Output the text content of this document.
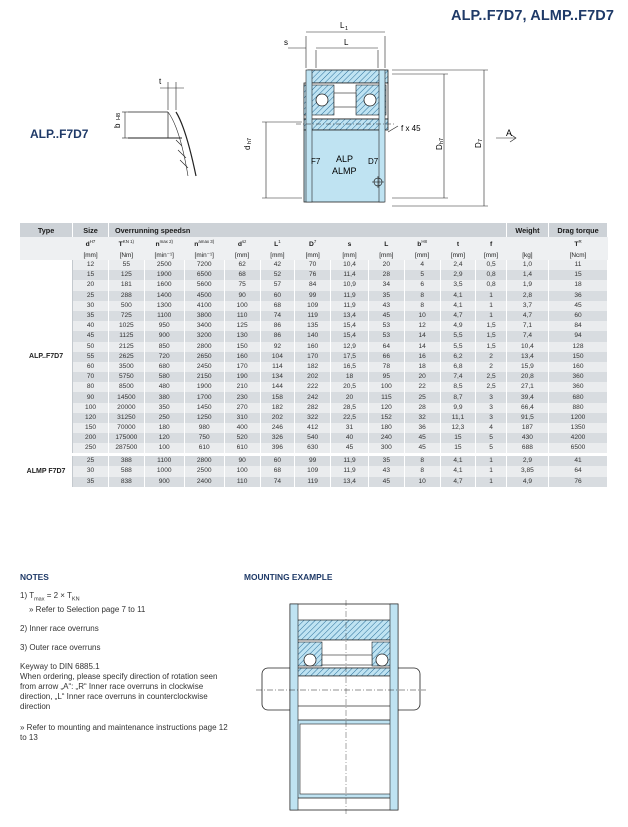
ALP..F7D7, ALMP..F7D7
t
b
H8
ALP
ALMP
F7	D7
L 1
L
s
d
h7
f x 45
D
h7
D
7
A
ALP..F7D7
Type	Size	Overrunning speedsn											Weight	Drag torque
	$d^{H7}$	$T^{KN 1)}$	$n^{max 2)}$	$n^{amax 3)}$	$d^{sz}$	$L^1$	$D^7$	s	L	$b^{H8}$	t	f		$T^R$
	[mm]	[Nm]	[min⁻¹]	[min⁻¹]	[mm]	[mm]	[mm]	[mm]	[mm]	[mm]	[mm]	[mm]	[kg]	[Ncm]
ALP..F7D7	12	55	2500	7200	62	42	70	10,4	20	4	2,4	0,5	1,0	11
	15	125	1900	6500	68	52	76	11,4	28	5	2,9	0,8	1,4	15
	20	181	1600	5600	75	57	84	10,9	34	6	3,5	0,8	1,9	18
	25	288	1400	4500	90	60	99	11,9	35	8	4,1	1	2,8	36
	30	500	1300	4100	100	68	109	11,9	43	8	4,1	1	3,7	45
	35	725	1100	3800	110	74	119	13,4	45	10	4,7	1	4,7	60
	40	1025	950	3400	125	86	135	15,4	53	12	4,9	1,5	7,1	84
	45	1125	900	3200	130	86	140	15,4	53	14	5,5	1,5	7,4	94
	50	2125	850	2800	150	92	160	12,9	64	14	5,5	1,5	10,4	128
	55	2625	720	2650	160	104	170	17,5	66	16	6,2	2	13,4	150
	60	3500	680	2450	170	114	182	16,5	78	18	6,8	2	15,9	160
	70	5750	580	2150	190	134	202	18	95	20	7,4	2,5	20,8	360
	80	8500	480	1900	210	144	222	20,5	100	22	8,5	2,5	27,1	360
	90	14500	380	1700	230	158	242	20	115	25	8,7	3	39,4	680
	100	20000	350	1450	270	182	282	28,5	120	28	9,9	3	66,4	880
	120	31250	250	1250	310	202	322	22,5	152	32	11,1	3	91,5	1200
	150	70000	180	980	400	246	412	31	180	36	12,3	4	187	1350
	200	175000	120	750	520	326	540	40	240	45	15	5	430	4200
	250	287500	100	610	610	396	630	45	300	45	15	5	688	6500
ALMP F7D7	25	388	1100	2800	90	60	99	11,9	35	8	4,1	1	2,9	41
	30	588	1000	2500	100	68	109	11,9	43	8	4,1	1	3,85	64
	35	838	900	2400	110	74	119	13,4	45	10	4,7	1	4,9	76
NOTES

1) $T_{max} = 2 \times T_{KN}$
» Refer to Selection page 7 to 11

2) Inner race overruns

3) Outer race overruns

Keyway to DIN 6885.1
When ordering, please specify direction of rotation seen from arrow „A“: „R“ Inner race overruns in clockwise direction, „L“ Inner race overruns in counterclockwise direction

» Refer to mounting and maintenance instructions page 12 to 13

MOUNTING EXAMPLE
